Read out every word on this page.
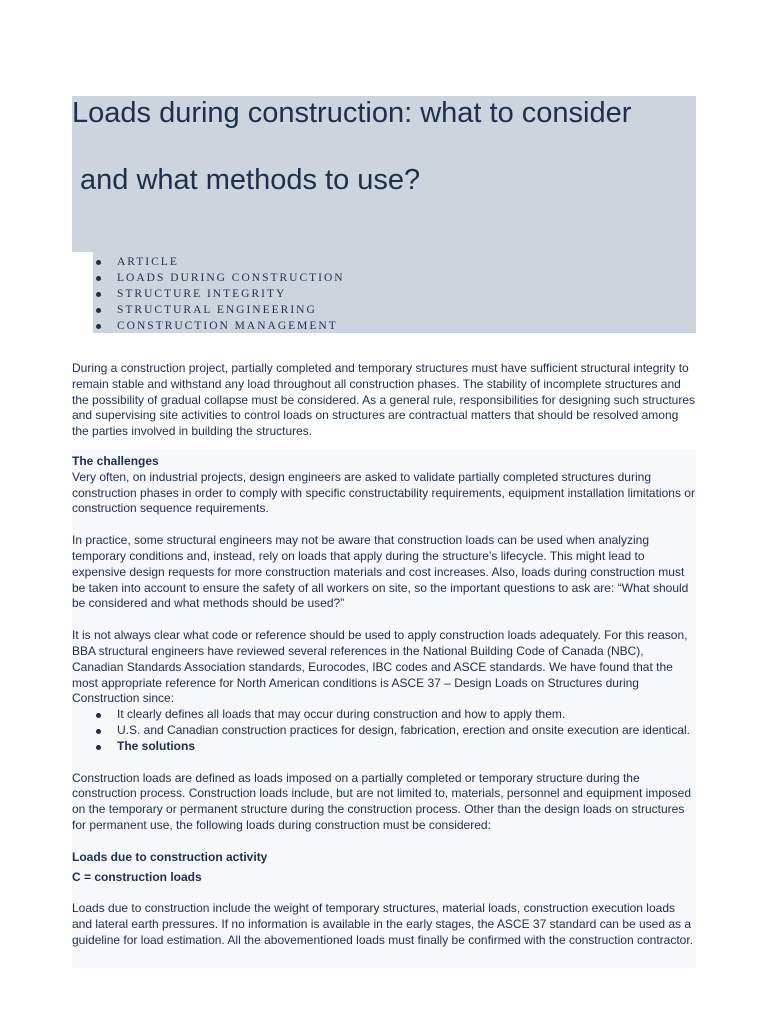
Loads during construction: what to consider
and what methods to use?
ARTICLE
LOADS DURING CONSTRUCTION
STRUCTURE INTEGRITY
STRUCTURAL ENGINEERING
CONSTRUCTION MANAGEMENT

During a construction project, partially completed and temporary structures must have sufficient structural integrity to remain stable and withstand any load throughout all construction phases. The stability of incomplete structures and the possibility of gradual collapse must be considered. As a general rule, responsibilities for designing such structures and supervising site activities to control loads on structures are contractual matters that should be resolved among the parties involved in building the structures.

The challenges

Very often, on industrial projects, design engineers are asked to validate partially completed structures during construction phases in order to comply with specific constructability requirements, equipment installation limitations or construction sequence requirements.

In practice, some structural engineers may not be aware that construction loads can be used when analyzing temporary conditions and, instead, rely on loads that apply during the structure’s lifecycle. This might lead to expensive design requests for more construction materials and cost increases. Also, loads during construction must be taken into account to ensure the safety of all workers on site, so the important questions to ask are: “What should be considered and what methods should be used?”

It is not always clear what code or reference should be used to apply construction loads adequately. For this reason, BBA structural engineers have reviewed several references in the National Building Code of Canada (NBC), Canadian Standards Association standards, Eurocodes, IBC codes and ASCE standards. We have found that the most appropriate reference for North American conditions is ASCE 37 – Design Loads on Structures during Construction since:

It clearly defines all loads that may occur during construction and how to apply them.
U.S. and Canadian construction practices for design, fabrication, erection and onsite execution are identical.
The solutions

Construction loads are defined as loads imposed on a partially completed or temporary structure during the construction process. Construction loads include, but are not limited to, materials, personnel and equipment imposed on the temporary or permanent structure during the construction process. Other than the design loads on structures for permanent use, the following loads during construction must be considered:

Loads due to construction activity

C = construction loads

Loads due to construction include the weight of temporary structures, material loads, construction execution loads and lateral earth pressures. If no information is available in the early stages, the ASCE 37 standard can be used as a guideline for load estimation. All the abovementioned loads must finally be confirmed with the construction contractor.
